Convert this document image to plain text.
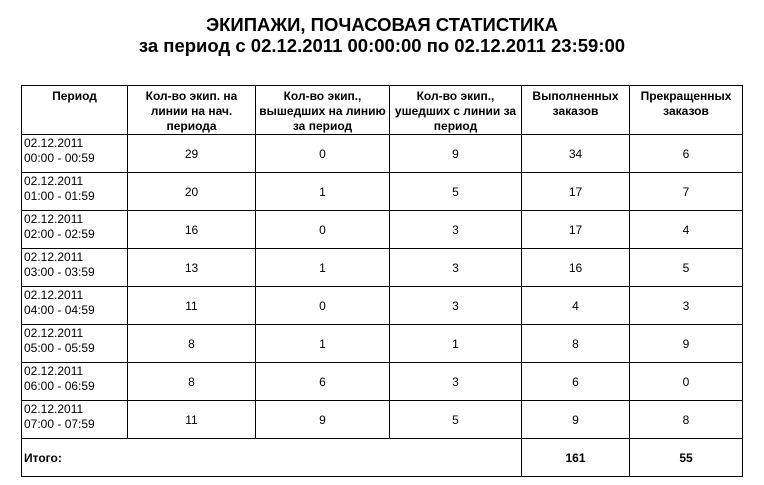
ЭКИПАЖИ, ПОЧАСОВАЯ СТАТИСТИКА
за период с 02.12.2011 00:00:00 по 02.12.2011 23:59:00
Период	Кол-во экип. на линии на нач. периода	Кол-во экип., вышедших на линию за период	Кол-во экип., ушедших с линии за период	Выполненных заказов	Прекращенных заказов

02.12.2011
00:00 - 00:59	29	0	9	34	6

02.12.2011
01:00 - 01:59	20	1	5	17	7

02.12.2011
02:00 - 02:59	16	0	3	17	4

02.12.2011
03:00 - 03:59	13	1	3	16	5

02.12.2011
04:00 - 04:59	11	0	3	4	3

02.12.2011
05:00 - 05:59	8	1	1	8	9

02.12.2011
06:00 - 06:59	8	6	3	6	0

02.12.2011
07:00 - 07:59	11	9	5	9	8
Итого:				161	55
